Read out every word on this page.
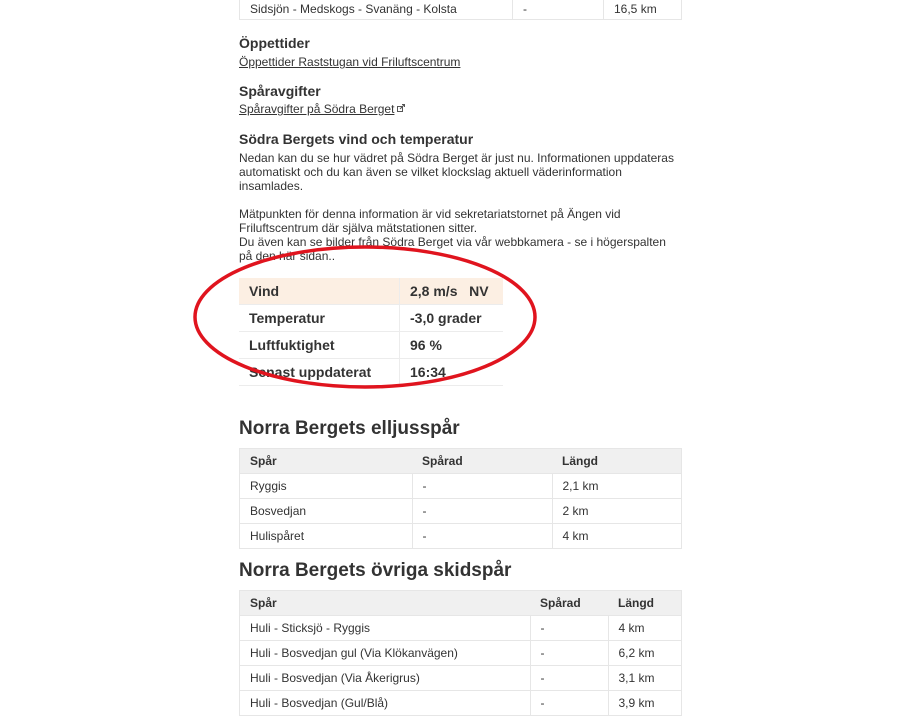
Sidsjön - Medskogs - Svanäng - Kolsta	-	16,5 km
Öppettider
Öppettider Raststugan vid Friluftscentrum
Spåravgifter
Spåravgifter på Södra Berget
Södra Bergets vind och temperatur
Nedan kan du se hur vädret på Södra Berget är just nu. Informationen uppdateras
automatiskt och du kan även se vilket klockslag aktuell väderinformation
insamlades.
Mätpunkten för denna information är vid sekretariatstornet på Ängen vid
Friluftscentrum där själva mätstationen sitter.
Du även kan se bilder från Södra Berget via vår webbkamera - se i högerspalten
på den här sidan..
Vind	2,8 m/s   NV
Temperatur	-3,0 grader
Luftfuktighet	96 %
Senast uppdaterat	16:34
Norra Bergets elljusspår
Spår	Spårad	Längd
Ryggis	-	2,1 km
Bosvedjan	-	2 km
Hulispåret	-	4 km
Norra Bergets övriga skidspår
Spår	Spårad	Längd
Huli - Sticksjö - Ryggis	-	4 km
Huli - Bosvedjan gul (Via Klökanvägen)	-	6,2 km
Huli - Bosvedjan (Via Åkerigrus)	-	3,1 km
Huli - Bosvedjan (Gul/Blå)	-	3,9 km
